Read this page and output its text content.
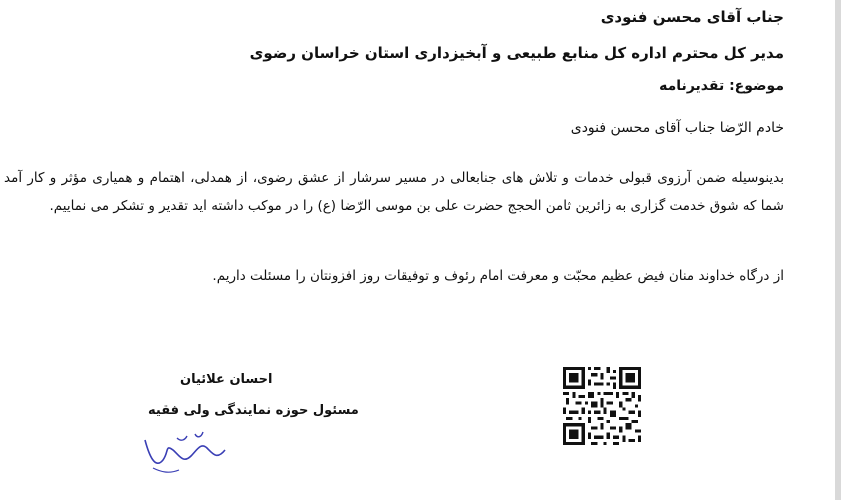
جناب آقای محسن فنودی
مدیر کل محترم اداره کل منابع طبیعی و آبخیزداری استان خراسان رضوی
موضوع: تقدیرنامه
خادم الرّضا جناب آقای محسن فنودی
بدینوسیله ضمن آرزوی قبولی خدمات و تلاش های جنابعالی در مسیر سرشار از عشق رضوی، از همدلی، اهتمام و همیاری مؤثر و کار آمد شما که شوق خدمت گزاری به زائرین ثامن الحجج حضرت علی بن موسی الرّضا (ع) را در موکب داشته اید تقدیر و تشکر می نماییم.
از درگاه خداوند منان فیض عظیم محبّت و معرفت امام رئوف و توفیقات روز افزونتان را مسئلت داریم.
احسان علائیان
مسئول حوزه نمایندگی ولی فقیه
